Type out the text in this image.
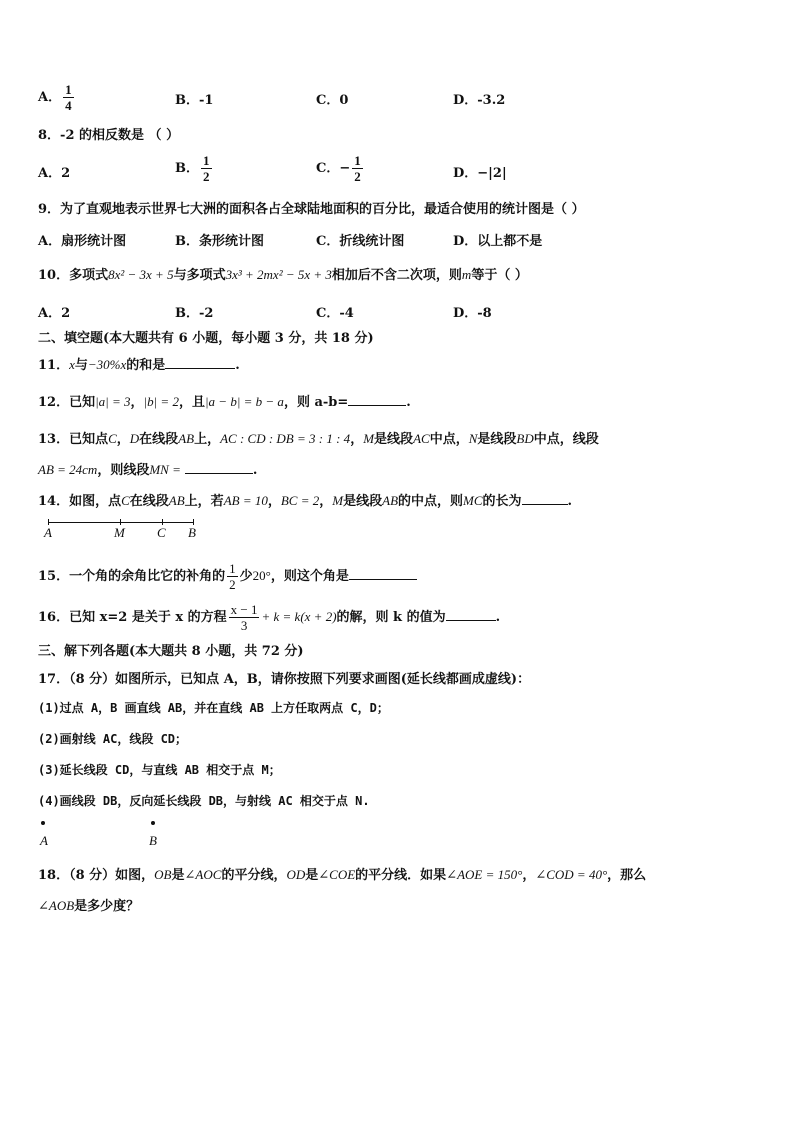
A． $\frac{1}{4}$	B．-1	C．0	D．-3.2
8．-2 的相反数是 （ ）
A．2	B． $\frac{1}{2}$	C．− $\frac{1}{2}$	D．−|2|
9．为了直观地表示世界七大洲的面积各占全球陆地面积的百分比，最适合使用的统计图是（ ）
A．扇形统计图	B．条形统计图	C．折线统计图	D．以上都不是
10．多项式8x² − 3x + 5与多项式3x³ + 2mx² − 5x + 3相加后不含二次项，则m等于（ ）
A．2	B．-2	C．-4	D．-8
二、填空题(本大题共有 6 小题，每小题 3 分，共 18 分)
11．x与−30%x的和是	.
12．已知|a| = 3，|b| = 2，且|a − b| = b − a，则 a-b=	.
13．已知点C，D在线段AB上，AC : CD : DB = 3 : 1 : 4，M是线段AC中点，N是线段BD中点，线段
AB = 24cm，则线段MN =	.
14．如图，点C在线段AB上，若AB = 10，BC = 2，M是线段AB的中点，则MC的长为	.
A	M C B
15．一个角的余角比它的补角的 $\frac{1}{2}$ 少20°，则这个角是
16．已知 x=2 是关于 x 的方程 $\frac{x - 1}{3} + k = k(x + 2)$的解，则 k 的值为	.
三、解下列各题(本大题共 8 小题，共 72 分)
17．（8 分）如图所示，已知点 A，B，请你按照下列要求画图(延长线都画成虚线)：
(1)过点 A，B 画直线 AB，并在直线 AB 上方任取两点 C，D；
(2)画射线 AC，线段 CD；
(3)延长线段 CD，与直线 AB 相交于点 M；
(4)画线段 DB，反向延长线段 DB，与射线 AC 相交于点 N.
A	B
18．（8 分）如图，OB是∠AOC的平分线，OD是∠COE的平分线．如果∠AOE = 150°，∠COD = 40°，那么
∠AOB是多少度？
